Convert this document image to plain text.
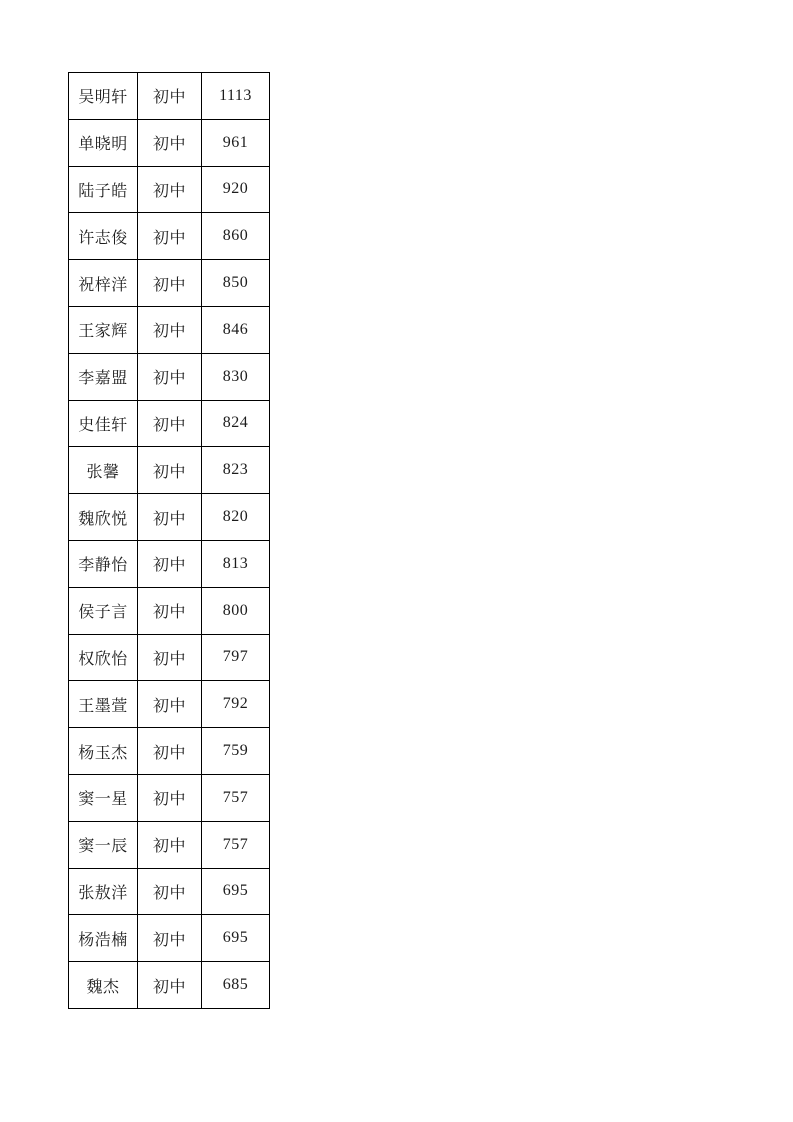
吴明轩	初中	1113
单晓明	初中	961
陆子皓	初中	920
许志俊	初中	860
祝梓洋	初中	850
王家辉	初中	846
李嘉盟	初中	830
史佳轩	初中	824
张馨	初中	823
魏欣悦	初中	820
李静怡	初中	813
侯子言	初中	800
权欣怡	初中	797
王墨萱	初中	792
杨玉杰	初中	759
窦一星	初中	757
窦一辰	初中	757
张敖洋	初中	695
杨浩楠	初中	695
魏杰	初中	685
